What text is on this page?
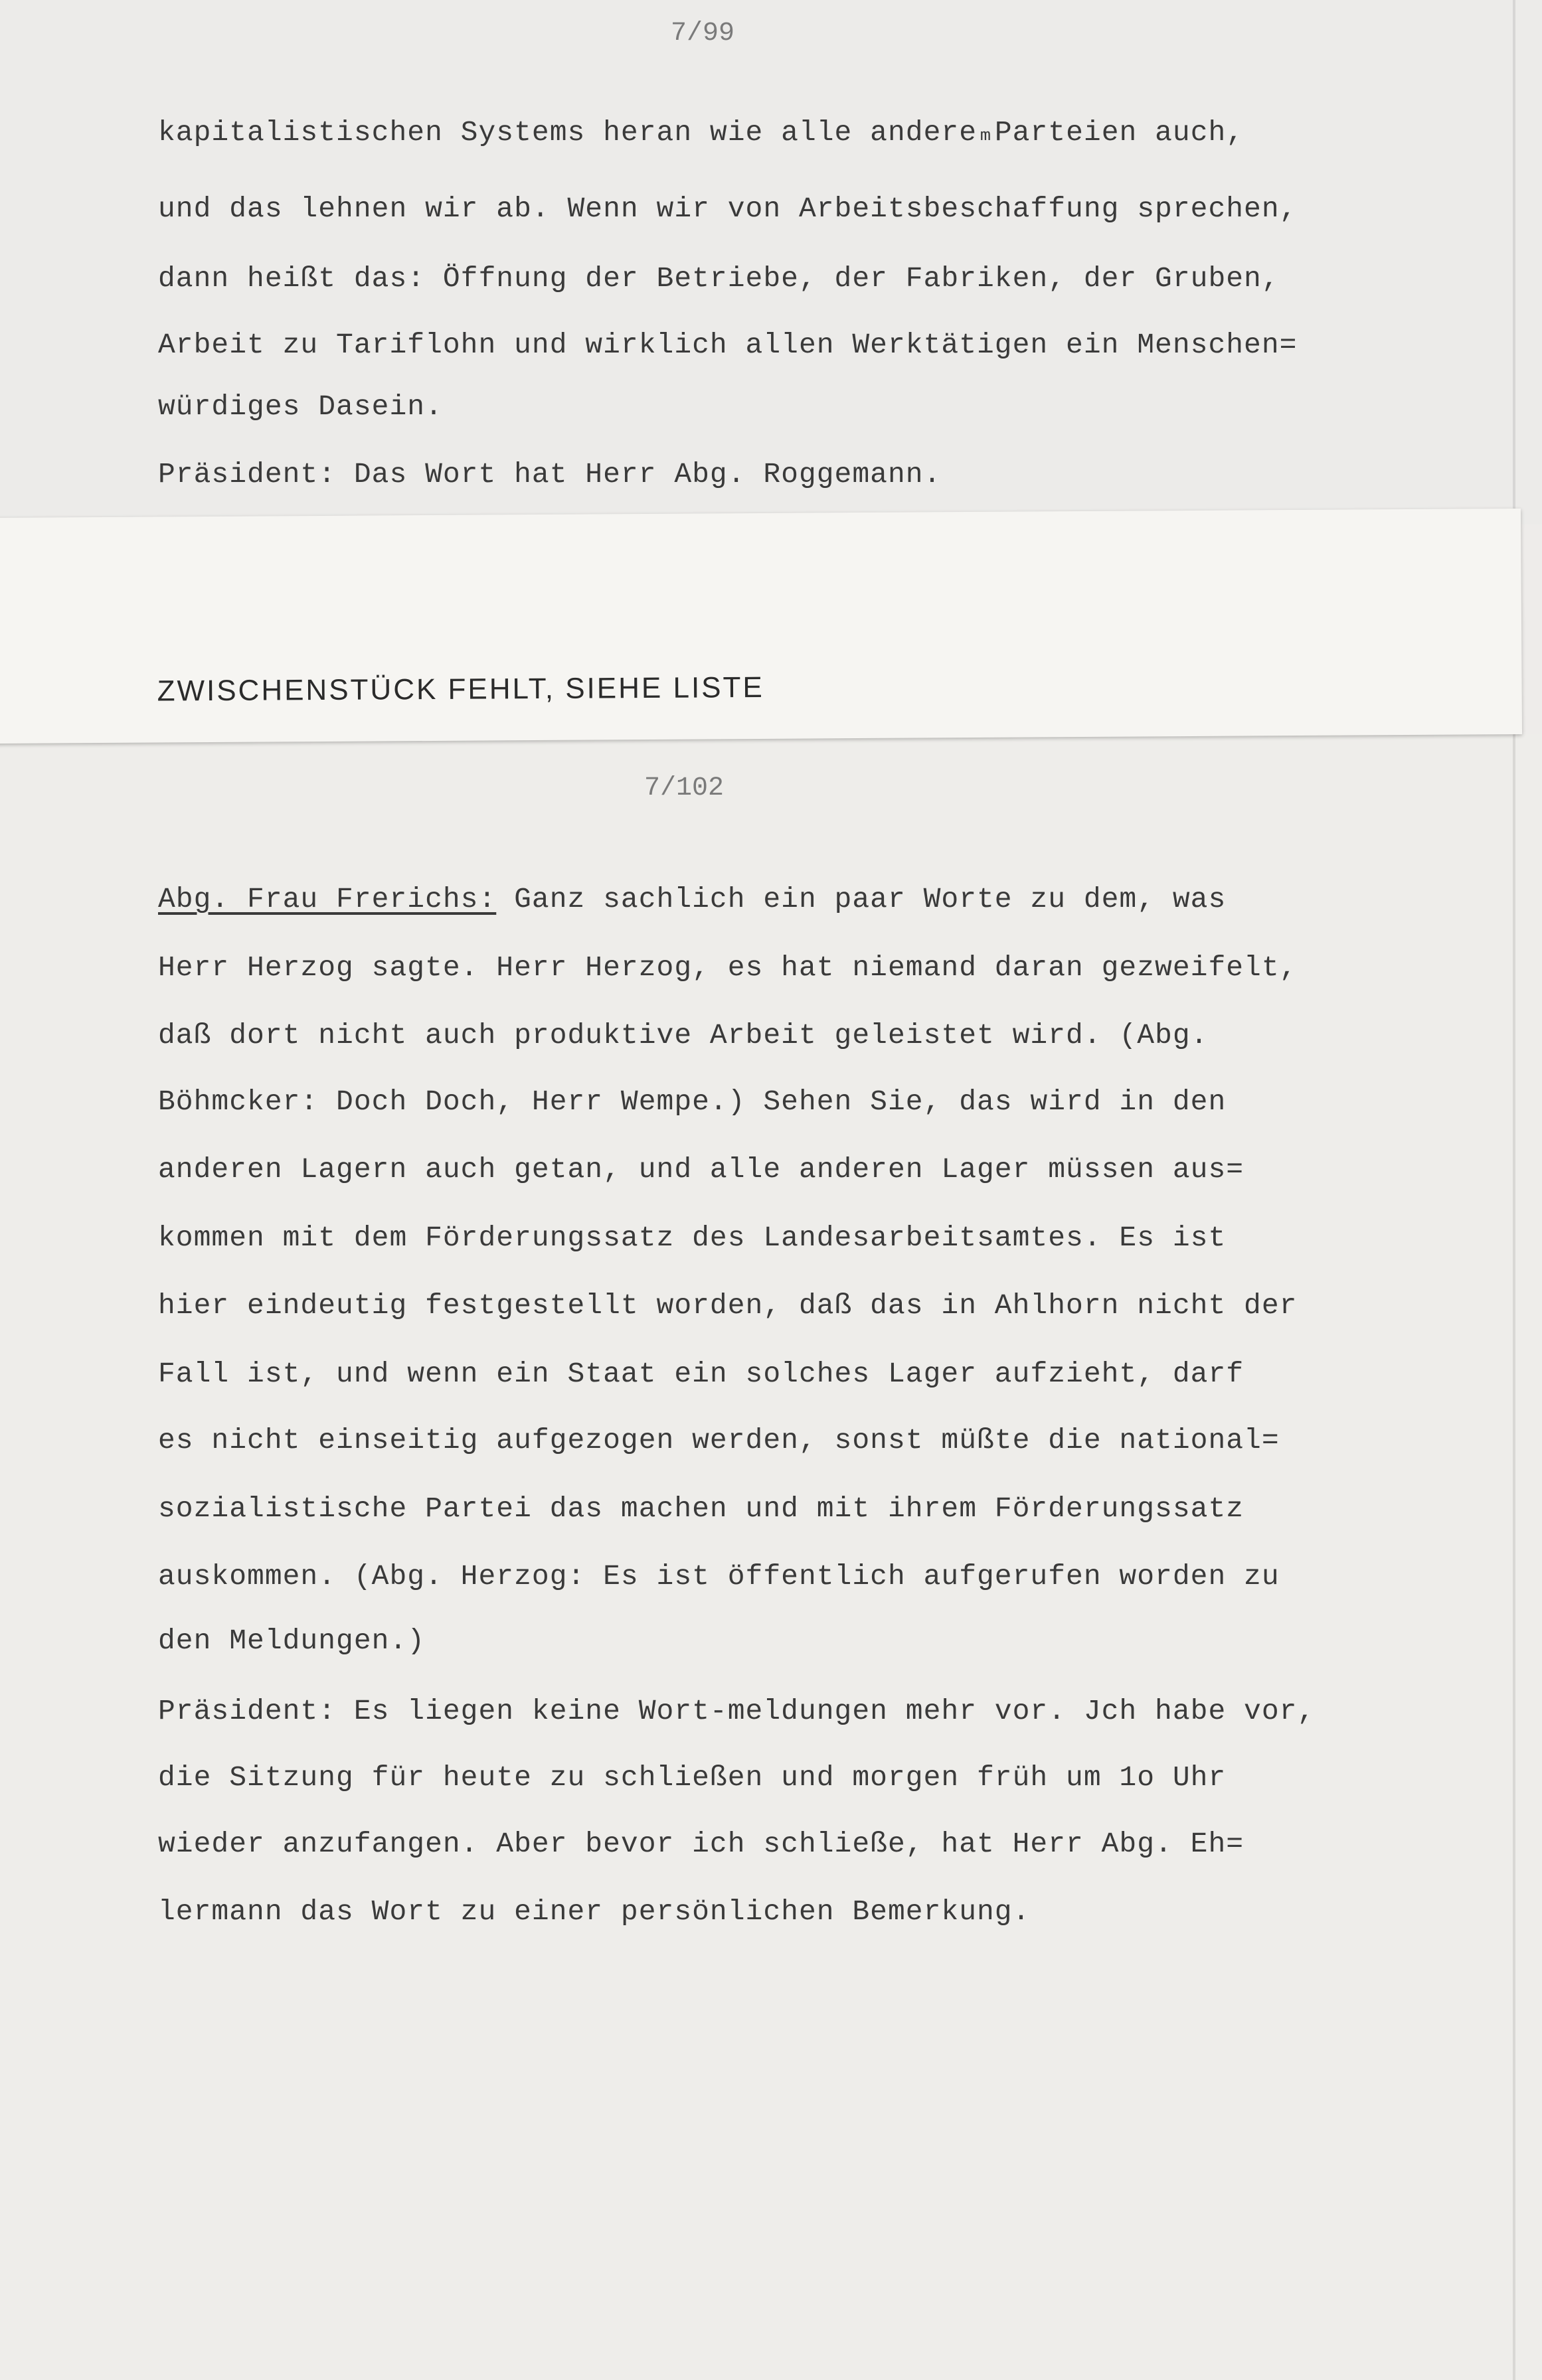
7/99
kapitalistischen Systems heran wie alle andereₘParteien auch,
und das lehnen wir ab. Wenn wir von Arbeitsbeschaffung sprechen,
dann heißt das: Öffnung der Betriebe, der Fabriken, der Gruben,
Arbeit zu Tariflohn und wirklich allen Werktätigen ein Menschen=
würdiges Dasein.
Präsident: Das Wort hat Herr Abg. Roggemann.
7/102
Abg. Frau Frerichs: Ganz sachlich ein paar Worte zu dem, was
Herr Herzog sagte. Herr Herzog, es hat niemand daran gezweifelt,
daß dort nicht auch produktive Arbeit geleistet wird. (Abg.
Böhmcker: Doch Doch, Herr Wempe.) Sehen Sie, das wird in den
anderen Lagern auch getan, und alle anderen Lager müssen aus=
kommen mit dem Förderungssatz des Landesarbeitsamtes. Es ist
hier eindeutig festgestellt worden, daß das in Ahlhorn nicht der
Fall ist, und wenn ein Staat ein solches Lager aufzieht, darf
es nicht einseitig aufgezogen werden, sonst müßte die national=
sozialistische Partei das machen und mit ihrem Förderungssatz
auskommen. (Abg. Herzog: Es ist öffentlich aufgerufen worden zu
den Meldungen.)
Präsident: Es liegen keine Wort-meldungen mehr vor. Jch habe vor,
die Sitzung für heute zu schließen und morgen früh um 1o Uhr
wieder anzufangen. Aber bevor ich schließe, hat Herr Abg. Eh=
lermann das Wort zu einer persönlichen Bemerkung.
ZWISCHENSTÜCK FEHLT, SIEHE LISTE
